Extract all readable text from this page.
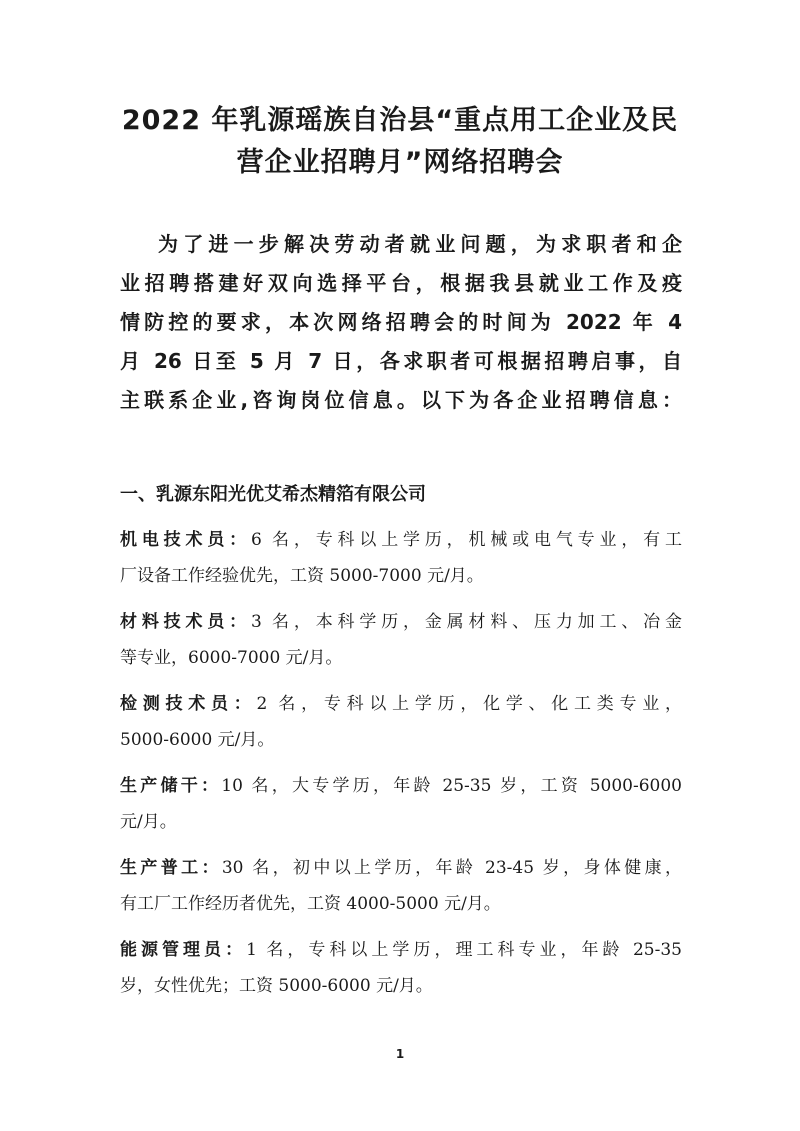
2022 年乳源瑶族自治县“重点用工企业及民
营企业招聘月”网络招聘会
为了进一步解决劳动者就业问题，为求职者和企
业招聘搭建好双向选择平台，根据我县就业工作及疫
情防控的要求，本次网络招聘会的时间为 2022 年 4
月 26 日至 5 月 7 日，各求职者可根据招聘启事，自
主联系企业,咨询岗位信息。以下为各企业招聘信息：
一、乳源东阳光优艾希杰精箔有限公司
机电技术员：6 名，专科以上学历，机械或电气专业，有工
厂设备工作经验优先，工资 5000-7000 元/月。
材料技术员：3 名，本科学历，金属材料、压力加工、冶金
等专业，6000-7000 元/月。
检测技术员：2 名，专科以上学历，化学、化工类专业，
5000-6000 元/月。
生产储干：10 名，大专学历，年龄 25-35 岁，工资 5000-6000
元/月。
生产普工：30 名，初中以上学历，年龄 23-45 岁，身体健康，
有工厂工作经历者优先，工资 4000-5000 元/月。
能源管理员：1 名，专科以上学历，理工科专业，年龄 25-35
岁，女性优先；工资 5000-6000 元/月。
1
